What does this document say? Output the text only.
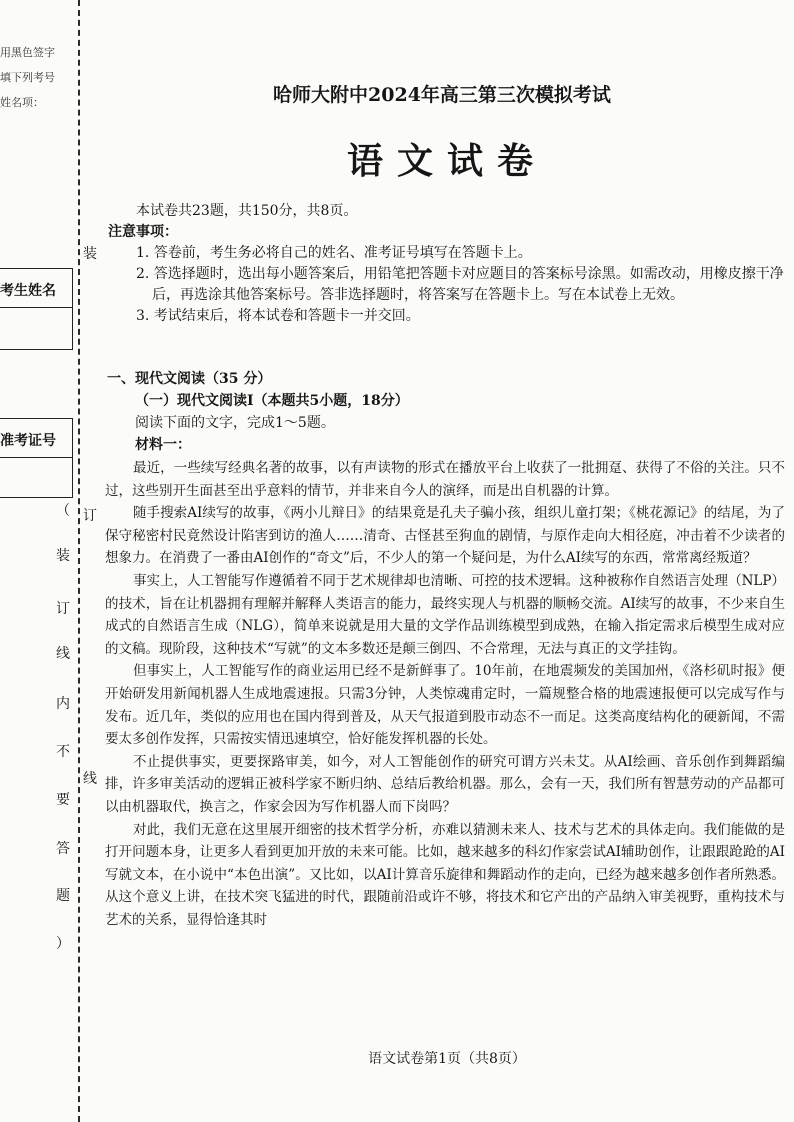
用黑色签字
填下列考号
姓名项：
考生姓名
准考证号
装
订
线
（
装
订
线
内
不
要
答
题
）
哈师大附中2024年高三第三次模拟考试
语文试卷
本试卷共23题，共150分，共8页。
注意事项：
1. 答卷前，考生务必将自己的姓名、准考证号填写在答题卡上。
2. 答选择题时，选出每小题答案后，用铅笔把答题卡对应题目的答案标号涂黑。如需改动，用橡皮擦干净后，再选涂其他答案标号。答非选择题时，将答案写在答题卡上。写在本试卷上无效。
3. 考试结束后，将本试卷和答题卡一并交回。
一、现代文阅读（35 分）
（一）现代文阅读Ⅰ（本题共5小题，18分）
阅读下面的文字，完成1～5题。
材料一：
最近，一些续写经典名著的故事，以有声读物的形式在播放平台上收获了一批拥趸、获得了不俗的关注。只不过，这些别开生面甚至出乎意料的情节，并非来自今人的演绎，而是出自机器的计算。
随手搜索AI续写的故事，《两小儿辩日》的结果竟是孔夫子骗小孩，组织儿童打架；《桃花源记》的结尾，为了保守秘密村民竟然设计陷害到访的渔人……清奇、古怪甚至狗血的剧情，与原作走向大相径庭，冲击着不少读者的想象力。在消费了一番由AI创作的“奇文”后，不少人的第一个疑问是，为什么AI续写的东西，常常离经叛道？
事实上，人工智能写作遵循着不同于艺术规律却也清晰、可控的技术逻辑。这种被称作自然语言处理（NLP）的技术，旨在让机器拥有理解并解释人类语言的能力，最终实现人与机器的顺畅交流。AI续写的故事，不少来自生成式的自然语言生成（NLG），简单来说就是用大量的文学作品训练模型到成熟，在输入指定需求后模型生成对应的文稿。现阶段，这种技术“写就”的文本多数还是颠三倒四、不合常理，无法与真正的文学挂钩。
但事实上，人工智能写作的商业运用已经不是新鲜事了。10年前，在地震频发的美国加州，《洛杉矶时报》便开始研发用新闻机器人生成地震速报。只需3分钟，人类惊魂甫定时，一篇规整合格的地震速报便可以完成写作与发布。近几年，类似的应用也在国内得到普及，从天气报道到股市动态不一而足。这类高度结构化的硬新闻，不需要太多创作发挥，只需按实情迅速填空，恰好能发挥机器的长处。
不止提供事实，更要探路审美，如今，对人工智能创作的研究可谓方兴未艾。从AI绘画、音乐创作到舞蹈编排，许多审美活动的逻辑正被科学家不断归纳、总结后教给机器。那么，会有一天，我们所有智慧劳动的产品都可以由机器取代，换言之，作家会因为写作机器人而下岗吗？
对此，我们无意在这里展开细密的技术哲学分析，亦难以猜测未来人、技术与艺术的具体走向。我们能做的是打开问题本身，让更多人看到更加开放的未来可能。比如，越来越多的科幻作家尝试AI辅助创作，让跟跟跄跄的AI写就文本，在小说中“本色出演”。又比如，以AI计算音乐旋律和舞蹈动作的走向，已经为越来越多创作者所熟悉。从这个意义上讲，在技术突飞猛进的时代，跟随前沿或许不够，将技术和它产出的产品纳入审美视野，重构技术与艺术的关系，显得恰逢其时
语文试卷第1页（共8页）
